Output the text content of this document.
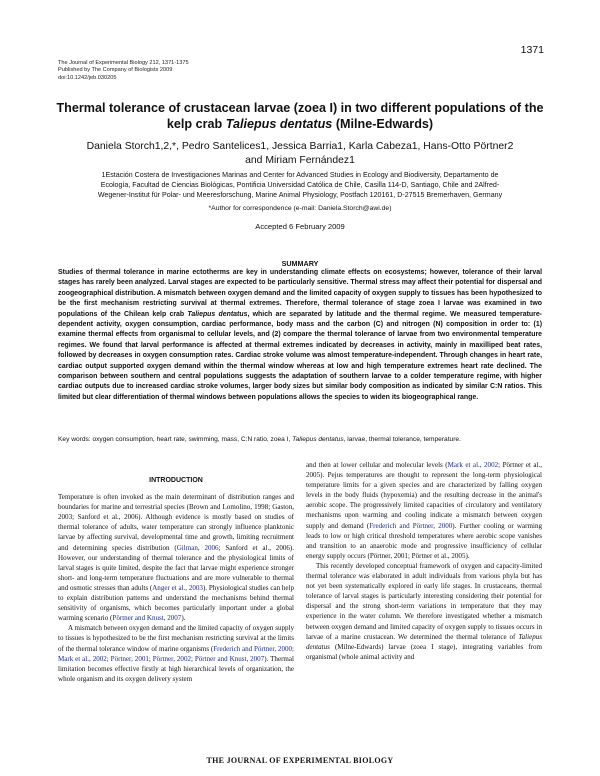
1371
The Journal of Experimental Biology 212, 1371-1375
Published by The Company of Biologists 2009
doi:10.1242/jeb.030205
Thermal tolerance of crustacean larvae (zoea I) in two different populations of the
kelp crab Taliepus dentatus (Milne-Edwards)
Daniela Storch1,2,*, Pedro Santelices1, Jessica Barria1, Karla Cabeza1, Hans-Otto Pörtner2
and Miriam Fernández1
1Estación Costera de Investigaciones Marinas and Center for Advanced Studies in Ecology and Biodiversity, Departamento de
Ecología, Facultad de Ciencias Biológicas, Pontificia Universidad Católica de Chile, Casilla 114-D, Santiago, Chile and 2Alfred-
Wegener-Institut für Polar- und Meeresforschung, Marine Animal Physiology, Postfach 120161, D-27515 Bremerhaven, Germany
*Author for correspondence (e-mail: Daniela.Storch@awi.de)
Accepted 6 February 2009
SUMMARY
Studies of thermal tolerance in marine ectotherms are key in understanding climate effects on ecosystems; however, tolerance of their larval stages has rarely been analyzed. Larval stages are expected to be particularly sensitive. Thermal stress may affect their potential for dispersal and zoogeographical distribution. A mismatch between oxygen demand and the limited capacity of oxygen supply to tissues has been hypothesized to be the first mechanism restricting survival at thermal extremes. Therefore, thermal tolerance of stage zoea I larvae was examined in two populations of the Chilean kelp crab Taliepus dentatus, which are separated by latitude and the thermal regime. We measured temperature-dependent activity, oxygen consumption, cardiac performance, body mass and the carbon (C) and nitrogen (N) composition in order to: (1) examine thermal effects from organismal to cellular levels, and (2) compare the thermal tolerance of larvae from two environmental temperature regimes. We found that larval performance is affected at thermal extremes indicated by decreases in activity, mainly in maxilliped beat rates, followed by decreases in oxygen consumption rates. Cardiac stroke volume was almost temperature-independent. Through changes in heart rate, cardiac output supported oxygen demand within the thermal window whereas at low and high temperature extremes heart rate declined. The comparison between southern and central populations suggests the adaptation of southern larvae to a colder temperature regime, with higher cardiac outputs due to increased cardiac stroke volumes, larger body sizes but similar body composition as indicated by similar C:N ratios. This limited but clear differentiation of thermal windows between populations allows the species to widen its biogeographical range.
Key words: oxygen consumption, heart rate, swimming, mass, C:N ratio, zoea I, Taliepus dentatus, larvae, thermal tolerance, temperature.
INTRODUCTION

Temperature is often invoked as the main determinant of distribution ranges and boundaries for marine and terrestrial species (Brown and Lomolino, 1998; Gaston, 2003; Sanford et al., 2006). Although evidence is mostly based on studies of thermal tolerance of adults, water temperature can strongly influence planktonic larvae by affecting survival, developmental time and growth, limiting recruitment and determining species distribution (Gilman, 2006; Sanford et al., 2006). However, our understanding of thermal tolerance and the physiological limits of larval stages is quite limited, despite the fact that larvae might experience stronger short- and long-term temperature fluctuations and are more vulnerable to thermal and osmotic stresses than adults (Anger et al., 2003). Physiological studies can help to explain distribution patterns and understand the mechanisms behind thermal sensitivity of organisms, which becomes particularly important under a global warming scenario (Pörtner and Knust, 2007).

A mismatch between oxygen demand and the limited capacity of oxygen supply to tissues is hypothesized to be the first mechanism restricting survival at the limits of the thermal tolerance window of marine organisms (Frederich and Pörtner, 2000; Mark et al., 2002; Pörtner, 2001; Pörtner, 2002; Pörtner and Knust, 2007). Thermal limitation becomes effective firstly at high hierarchical levels of organization, the whole organism and its oxygen delivery system

and then at lower cellular and molecular levels (Mark et al., 2002; Pörtner et al., 2005). Pejus temperatures are thought to represent the long-term physiological temperature limits for a given species and are characterized by falling oxygen levels in the body fluids (hypoxemia) and the resulting decrease in the animal's aerobic scope. The progressively limited capacities of circulatory and ventilatory mechanisms upon warming and cooling indicate a mismatch between oxygen supply and demand (Frederich and Pörtner, 2000). Further cooling or warming leads to low or high critical threshold temperatures where aerobic scope vanishes and transition to an anaerobic mode and progressive insufficiency of cellular energy supply occurs (Pörtner, 2001; Pörtner et al., 2005).

This recently developed conceptual framework of oxygen and capacity-limited thermal tolerance was elaborated in adult individuals from various phyla but has not yet been systematically explored in early life stages. In crustaceans, thermal tolerance of larval stages is particularly interesting considering their potential for dispersal and the strong short-term variations in temperature that they may experience in the water column. We therefore investigated whether a mismatch between oxygen demand and limited capacity of oxygen supply to tissues occurs in larvae of a marine crustacean. We determined the thermal tolerance of Taliepus dentatus (Milne-Edwards) larvae (zoea I stage), integrating variables from organismal (whole animal activity and

THE JOURNAL OF EXPERIMENTAL BIOLOGY
